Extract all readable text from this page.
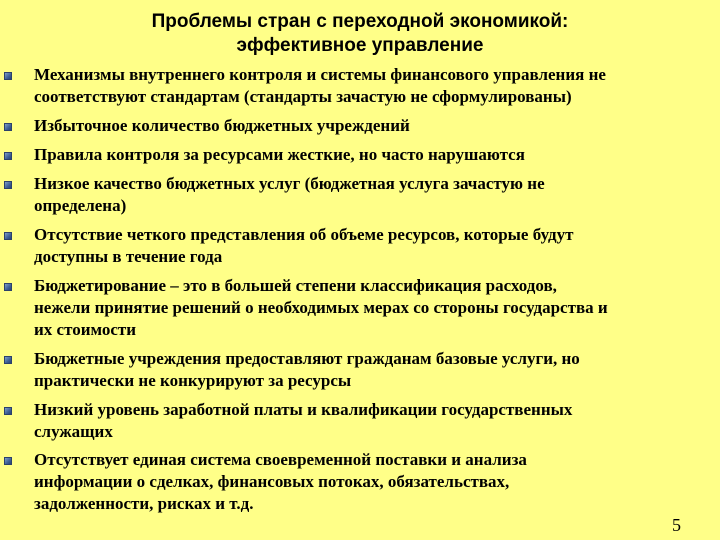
Проблемы стран с переходной экономикой:
эффективное управление
Механизмы внутреннего контроля и системы финансового управления не
соответствуют стандартам (стандарты зачастую не сформулированы)
Избыточное количество бюджетных учреждений
Правила контроля за ресурсами жесткие, но часто нарушаются
Низкое качество бюджетных услуг (бюджетная услуга зачастую не
определена)
Отсутствие четкого представления об объеме ресурсов, которые будут
доступны в течение года
Бюджетирование – это в большей степени классификация расходов,
нежели принятие решений о необходимых мерах со стороны государства и
их стоимости
Бюджетные учреждения предоставляют гражданам базовые услуги, но
практически не конкурируют за ресурсы
Низкий уровень заработной платы и квалификации государственных
служащих
Отсутствует единая система своевременной поставки и анализа
информации о сделках, финансовых потоках, обязательствах,
задолженности, рисках и т.д.
5
